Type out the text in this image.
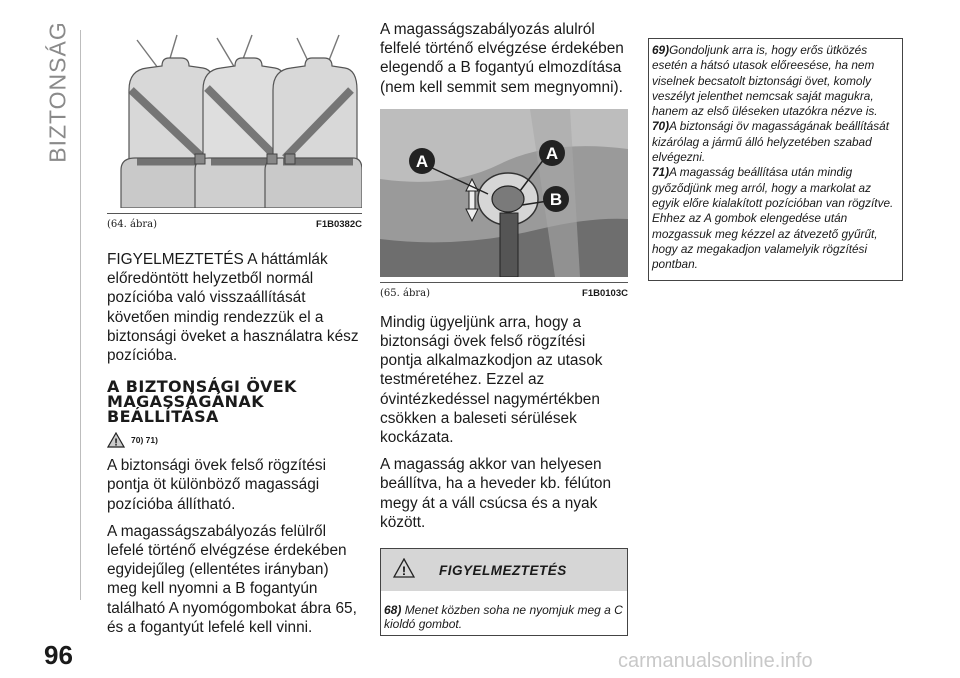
BIZTONSÁG
(64. ábra)	F1B0382C

FIGYELMEZTETÉS A háttámlák előredöntött helyzetből normál pozícióba való visszaállítását követően mindig rendezzük el a biztonsági öveket a használatra kész pozícióba.

A BIZTONSÁGI ÖVEK MAGASSÁGÁNAK BEÁLLÍTÁSA
! 70) 71)

A biztonsági övek felső rögzítési pontja öt különböző magassági pozícióba állítható.

A magasságszabályozás felülről lefelé történő elvégzése érdekében egyidejűleg (ellentétes irányban) meg kell nyomni a B fogantyún található A nyomógombokat ábra 65, és a fogantyút lefelé kell vinni.

A magasságszabályozás alulról felfelé történő elvégzése érdekében elegendő a B fogantyú elmozdítása (nem kell semmit sem megnyomni).

A	A
B
(65. ábra)	F1B0103C

Mindig ügyeljünk arra, hogy a biztonsági övek felső rögzítési pontja alkalmazkodjon az utasok testméretéhez. Ezzel az óvintézkedéssel nagymértékben csökken a baleseti sérülések kockázata.

A magasság akkor van helyesen beállítva, ha a heveder kb. félúton megy át a váll csúcsa és a nyak között.

! FIGYELMEZTETÉS
68) Menet közben soha ne nyomjuk meg a C kioldó gombot.
69)Gondoljunk arra is, hogy erős ütközés esetén a hátsó utasok előreesése, ha nem viselnek becsatolt biztonsági övet, komoly veszélyt jelenthet nemcsak saját magukra, hanem az első üléseken utazókra nézve is.
70)A biztonsági öv magasságának beállítását kizárólag a jármű álló helyzetében szabad elvégezni.
71)A magasság beállítása után mindig győződjünk meg arról, hogy a markolat az egyik előre kialakított pozícióban van rögzítve. Ehhez az A gombok elengedése után mozgassuk meg kézzel az átvezető gyűrűt, hogy az megakadjon valamelyik rögzítési pontban.
96	carmanualsonline.info
